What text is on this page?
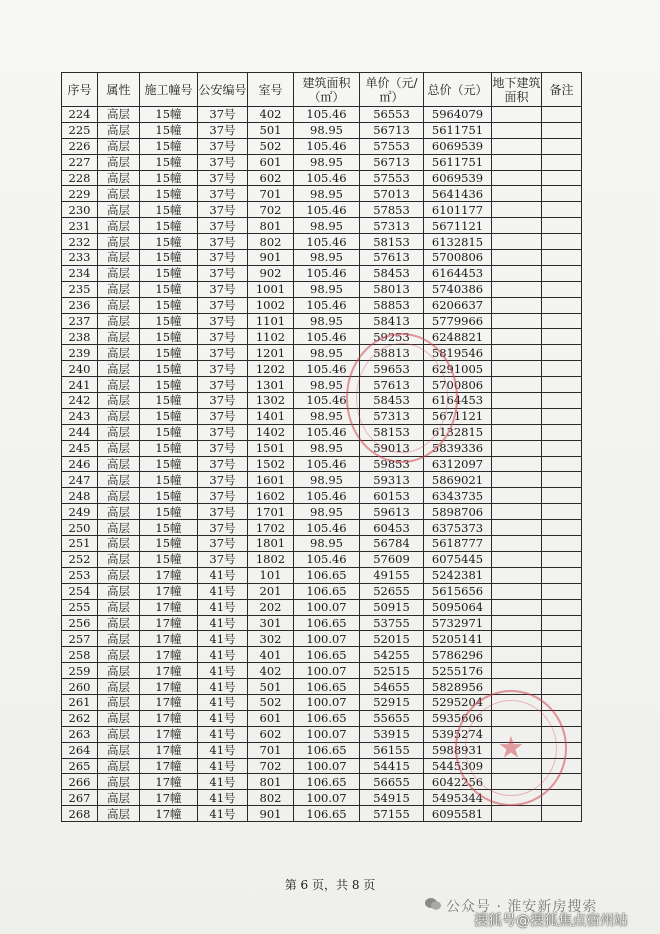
序号	属性	施工幢号	公安编号	室号	建筑面积（㎡）	单价（元/㎡）	总价（元）	地下建筑面积	备注
224	高层	15幢	37号	402	105.46	56553	5964079		
225	高层	15幢	37号	501	98.95	56713	5611751		
226	高层	15幢	37号	502	105.46	57553	6069539		
227	高层	15幢	37号	601	98.95	56713	5611751		
228	高层	15幢	37号	602	105.46	57553	6069539		
229	高层	15幢	37号	701	98.95	57013	5641436		
230	高层	15幢	37号	702	105.46	57853	6101177		
231	高层	15幢	37号	801	98.95	57313	5671121		
232	高层	15幢	37号	802	105.46	58153	6132815		
233	高层	15幢	37号	901	98.95	57613	5700806		
234	高层	15幢	37号	902	105.46	58453	6164453		
235	高层	15幢	37号	1001	98.95	58013	5740386		
236	高层	15幢	37号	1002	105.46	58853	6206637		
237	高层	15幢	37号	1101	98.95	58413	5779966		
238	高层	15幢	37号	1102	105.46	59253	6248821		
239	高层	15幢	37号	1201	98.95	58813	5819546		
240	高层	15幢	37号	1202	105.46	59653	6291005		
241	高层	15幢	37号	1301	98.95	57613	5700806		
242	高层	15幢	37号	1302	105.46	58453	6164453		
243	高层	15幢	37号	1401	98.95	57313	5671121		
244	高层	15幢	37号	1402	105.46	58153	6132815		
245	高层	15幢	37号	1501	98.95	59013	5839336		
246	高层	15幢	37号	1502	105.46	59853	6312097		
247	高层	15幢	37号	1601	98.95	59313	5869021		
248	高层	15幢	37号	1602	105.46	60153	6343735		
249	高层	15幢	37号	1701	98.95	59613	5898706		
250	高层	15幢	37号	1702	105.46	60453	6375373		
251	高层	15幢	37号	1801	98.95	56784	5618777		
252	高层	15幢	37号	1802	105.46	57609	6075445		
253	高层	17幢	41号	101	106.65	49155	5242381		
254	高层	17幢	41号	201	106.65	52655	5615656		
255	高层	17幢	41号	202	100.07	50915	5095064		
256	高层	17幢	41号	301	106.65	53755	5732971		
257	高层	17幢	41号	302	100.07	52015	5205141		
258	高层	17幢	41号	401	106.65	54255	5786296		
259	高层	17幢	41号	402	100.07	52515	5255176		
260	高层	17幢	41号	501	106.65	54655	5828956		
261	高层	17幢	41号	502	100.07	52915	5295204		
262	高层	17幢	41号	601	106.65	55655	5935606		
263	高层	17幢	41号	602	100.07	53915	5395274		
264	高层	17幢	41号	701	106.65	56155	5988931		
265	高层	17幢	41号	702	100.07	54415	5445309		
266	高层	17幢	41号	801	106.65	56655	6042256		
267	高层	17幢	41号	802	100.07	54915	5495344		
268	高层	17幢	41号	901	106.65	57155	6095581		
★
第 6 页，共 8 页
公众号 · 淮安新房搜索
搜狐号@搜狐焦点宿州站
